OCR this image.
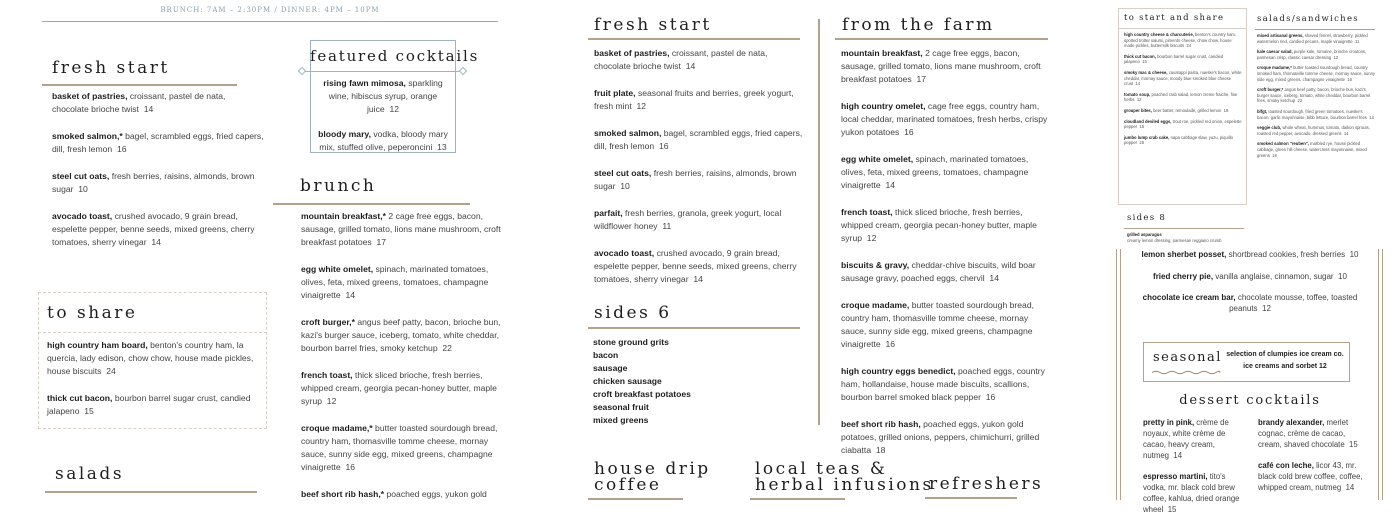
BRUNCH: 7AM – 2:30PM / DINNER: 4PM – 10PM
fresh start
basket of pastries, croissant, pastel de nata, chocolate brioche twist 14
smoked salmon,* bagel, scrambled eggs, fried capers, dill, fresh lemon 16
steel cut oats, fresh berries, raisins, almonds, brown sugar 10
avocado toast, crushed avocado, 9 grain bread, espelette pepper, benne seeds, mixed greens, cherry tomatoes, sherry vinegar 14
featured cocktails
rising fawn mimosa, sparkling wine, hibiscus syrup, orange juice 12
bloody mary, vodka, bloody mary mix, stuffed olive, peperoncini 13
brunch
mountain breakfast,* 2 cage free eggs, bacon, sausage, grilled tomato, lions mane mushroom, croft breakfast potatoes 17
egg white omelet, spinach, marinated tomatoes, olives, feta, mixed greens, tomatoes, champagne vinaigrette 14
croft burger,* angus beef patty, bacon, brioche bun, kazi's burger sauce, iceberg, tomato, white cheddar, bourbon barrel fries, smoky ketchup 22
french toast, thick sliced brioche, fresh berries, whipped cream, georgia pecan-honey butter, maple syrup 12
croque madame,* butter toasted sourdough bread, country ham, thomasville tomme cheese, mornay sauce, sunny side egg, mixed greens, champagne vinaigrette 16
beef short rib hash,* poached eggs, yukon gold
to share
high country ham board, benton's country ham, la quercia, lady edison, chow chow, house made pickles, house biscuits 24
thick cut bacon, bourbon barrel sugar crust, candied jalapeno 15
salads
fresh start
basket of pastries, croissant, pastel de nata, chocolate brioche twist 14
fruit plate, seasonal fruits and berries, greek yogurt, fresh mint 12
smoked salmon, bagel, scrambled eggs, fried capers, dill, fresh lemon 16
steel cut oats, fresh berries, raisins, almonds, brown sugar 10
parfait, fresh berries, granola, greek yogurt, local wildflower honey 11
avocado toast, crushed avocado, 9 grain bread, espelette pepper, benne seeds, mixed greens, cherry tomatoes, sherry vinegar 14
from the farm
mountain breakfast, 2 cage free eggs, bacon, sausage, grilled tomato, lions mane mushroom, croft breakfast potatoes 17
high country omelet, cage free eggs, country ham, local cheddar, marinated tomatoes, fresh herbs, crispy yukon potatoes 16
egg white omelet, spinach, marinated tomatoes, olives, feta, mixed greens, tomatoes, champagne vinaigrette 14
french toast, thick sliced brioche, fresh berries, whipped cream, georgia pecan-honey butter, maple syrup 12
biscuits & gravy, cheddar-chive biscuits, wild boar sausage gravy, poached eggs, chervil 14
croque madame, butter toasted sourdough bread, country ham, thomasville tomme cheese, mornay sauce, sunny side egg, mixed greens, champagne vinaigrette 16
high country eggs benedict, poached eggs, country ham, hollandaise, house made biscuits, scallions, bourbon barrel smoked black pepper 16
beef short rib hash, poached eggs, yukon gold potatoes, grilled onions, peppers, chimichurri, grilled ciabatta 18
sides 6
stone ground grits
bacon
sausage
chicken sausage
croft breakfast potatoes
seasonal fruit
mixed greens
house drip
coffee
local teas &
herbal infusions
refreshers
to start and share
high country cheese & charcuterie, benton's country ham, spotted trotter salumi, pimento cheese, chow chow, house made pickles, buttermilk biscuits 24
thick cut bacon, bourbon barrel sugar crust, candied jalapeno 15
smoky mac & cheese, cavatappi pasta, nueske's bacon, white cheddar, mornay sauce, moody blue smoked blue cheese crust 14
tomato soup, poached crab salad, lemon creme fraiche, fine herbs 12
grouper bites, beer batter, remoulade, grilled lemon 18
cloudland deviled eggs, trout roe, pickled red onion, espelette pepper 15
jumbo lump crab cake, napa cabbage slaw, yuzu, piquillo pepper 25
salads/sandwiches
mixed artisanal greens, shaved fennel, strawberry, pickled watermelon rind, candied pecans, maple vinaigrette 11
kale caesar salad, purple kale, romaine, brioche croutons, parmesan crisp, classic caesar dressing 12
croque madame,* butter toasted sourdough bread, country smoked ham, thomasville tomme cheese, mornay sauce, sunny side egg, mixed greens, champagne vinaigrette 16
croft burger,* angus beef patty, bacon, brioche bun, kazi's burger sauce, iceberg, tomato, white cheddar, bourbon barrel fries, smoky ketchup 22
blfgt, toasted sourdough, fried green tomatoes, nueske's bacon, garlic mayonnaise, bibb lettuce, bourbon barrel fries 14
veggie club, whole wheat, hummus, tomato, daikon sprouts, roasted red pepper, avocado, dressed greens 14
smoked salmon "reuben", marbled rye, house pickled cabbage, green hill cheese, watercress mayonnaise, mixed greens 18
sides 8
grilled asparagus
creamy lemon dressing, parmesan reggiano crumb
lemon sherbet posset, shortbread cookies, fresh berries 10
fried cherry pie, vanilla anglaise, cinnamon, sugar 10
chocolate ice cream bar, chocolate mousse, toffee, toasted peanuts 12
seasonal selection of clumpies ice cream co.
ice creams and sorbet 12
dessert cocktails
pretty in pink, crème de noyaux, white crème de cacao, heavy cream, nutmeg 14
espresso martini, tito's vodka, mr. black cold brew coffee, kahlua, dried orange wheel 15
brandy alexander, merlet cognac, crème de cacao, cream, shaved chocolate 15
café con leche, licor 43, mr. black cold brew coffee, coffee, whipped cream, nutmeg 14
